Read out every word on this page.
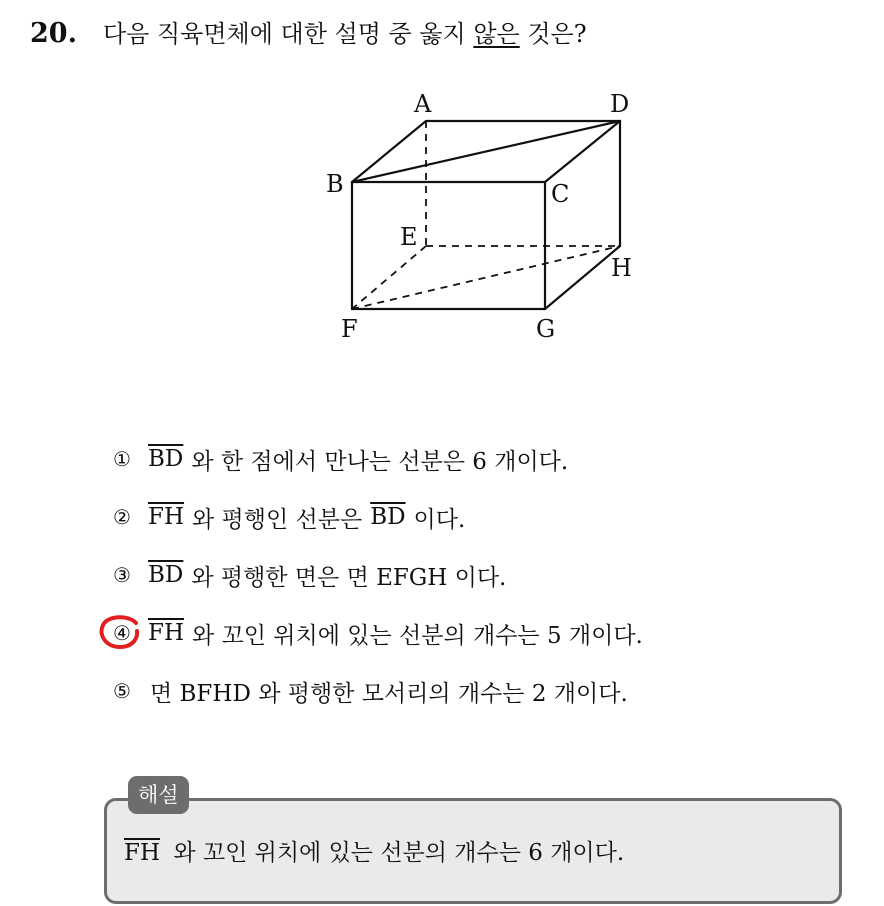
20. 다음 직육면체에 대한 설명 중 옳지 않은 것은?
A	D
B	C
E
H
F	G
① $\overline{BD}$ 와 한 점에서 만나는 선분은 6 개이다.
② $\overline{FH}$ 와 평행인 선분은 $\overline{BD}$ 이다.
③ $\overline{BD}$ 와 평행한 면은 면 EFGH 이다.
④ $\overline{FH}$ 와 꼬인 위치에 있는 선분의 개수는 5 개이다.
⑤ 면 BFHD 와 평행한 모서리의 개수는 2 개이다.
해설
$\overline{FH}$ 와 꼬인 위치에 있는 선분의 개수는 6 개이다.
